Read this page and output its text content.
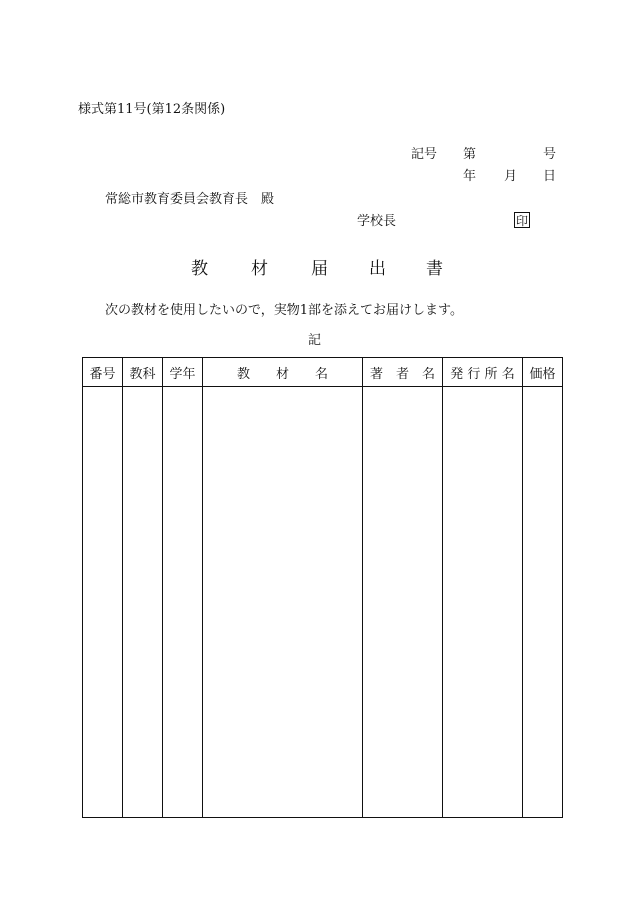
様式第11号(第12条関係)
記号 第	号
年 月 日
常総市教育委員会教育長　殿
学校長	印
教	材	届 出 書
次の教材を使用したいので，実物1部を添えてお届けします。
記
番号	教科	学年	教　　材　　名	著　者　名	発 行 所 名	価格
